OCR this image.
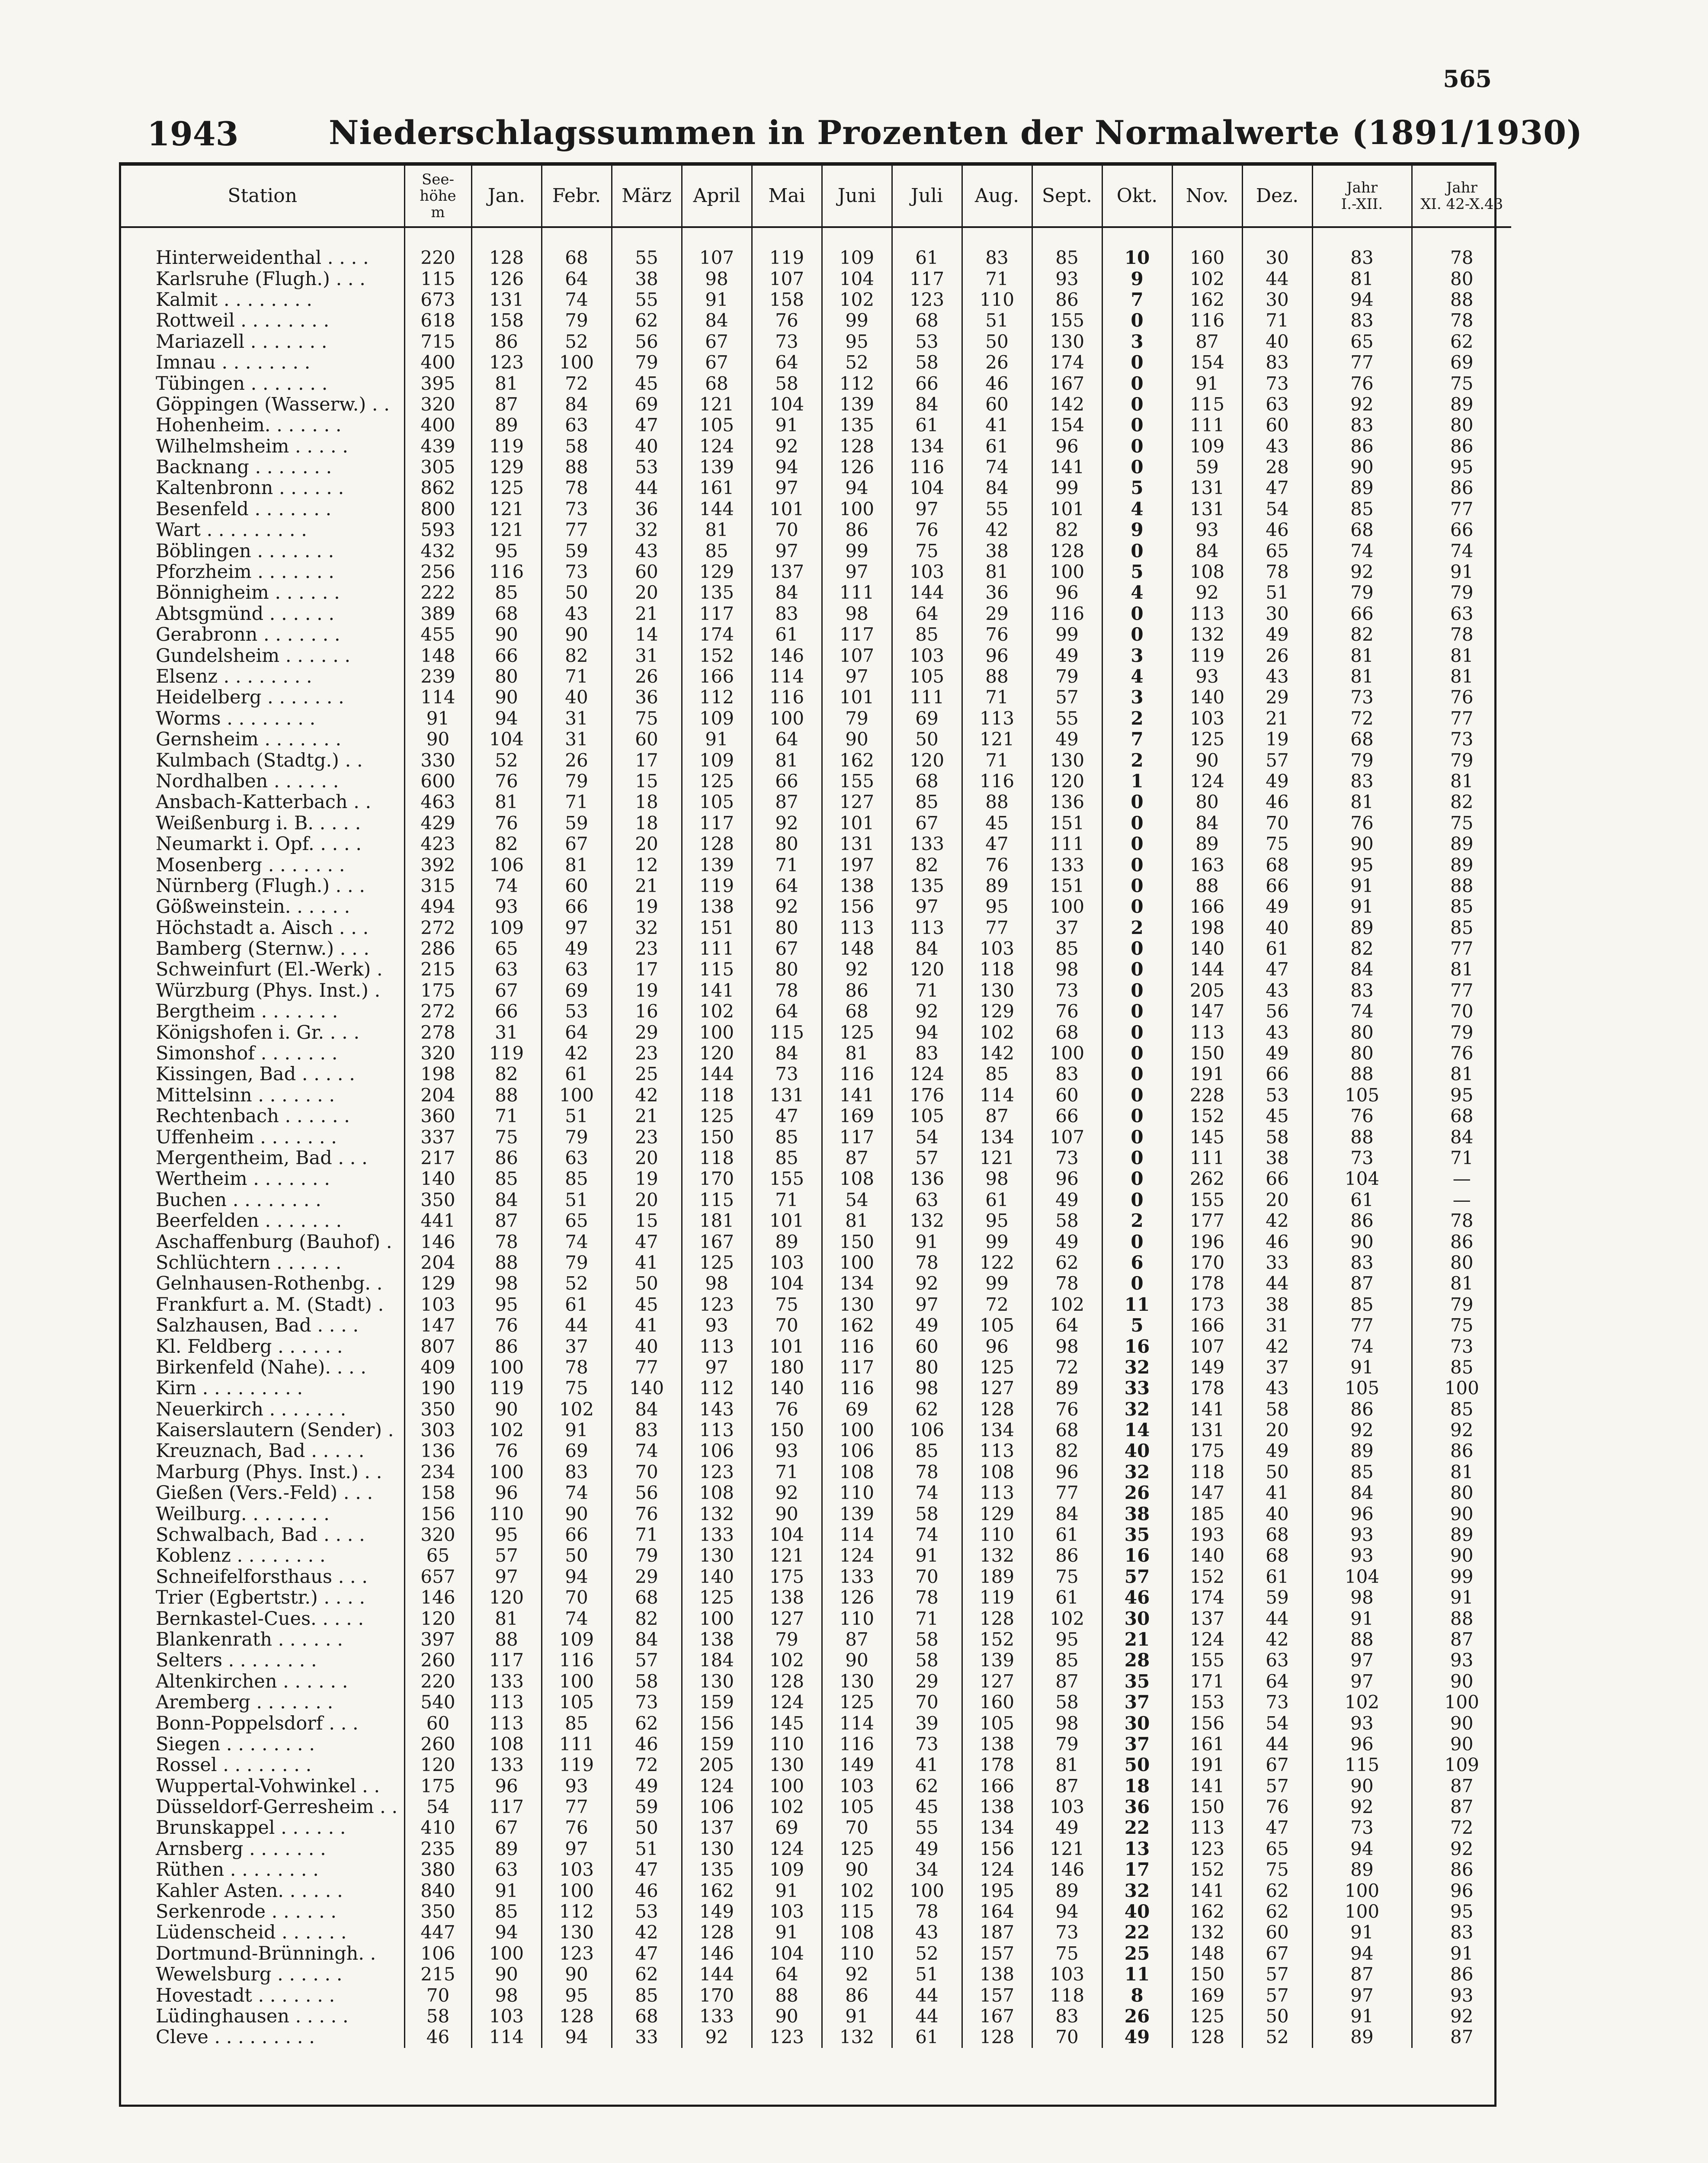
565
1943	Niederschlagssummen in Prozenten der Normalwerte (1891/1930)
Station	See-
höhe
m	Jan.	Febr.	März	April	Mai	Juni	Juli	Aug.	Sept.	Okt.	Nov.	Dez.	Jahr
I.-XII.	Jahr
XI. 42-X.43

Hinterweidenthal . . . .	220	128	68	55	107	119	109	61	83	85	10	160	30	83	78
Karlsruhe (Flugh.) . . .	115	126	64	38	98	107	104	117	71	93	9	102	44	81	80
Kalmit . . . . . . . .	673	131	74	55	91	158	102	123	110	86	7	162	30	94	88
Rottweil . . . . . . . .	618	158	79	62	84	76	99	68	51	155	0	116	71	83	78
Mariazell . . . . . . .	715	86	52	56	67	73	95	53	50	130	3	87	40	65	62
Imnau . . . . . . . .	400	123	100	79	67	64	52	58	26	174	0	154	83	77	69
Tübingen . . . . . . .	395	81	72	45	68	58	112	66	46	167	0	91	73	76	75
Göppingen (Wasserw.) . .	320	87	84	69	121	104	139	84	60	142	0	115	63	92	89
Hohenheim. . . . . . .	400	89	63	47	105	91	135	61	41	154	0	111	60	83	80
Wilhelmsheim . . . . .	439	119	58	40	124	92	128	134	61	96	0	109	43	86	86
Backnang . . . . . . .	305	129	88	53	139	94	126	116	74	141	0	59	28	90	95
Kaltenbronn . . . . . .	862	125	78	44	161	97	94	104	84	99	5	131	47	89	86
Besenfeld . . . . . . .	800	121	73	36	144	101	100	97	55	101	4	131	54	85	77
Wart . . . . . . . . .	593	121	77	32	81	70	86	76	42	82	9	93	46	68	66
Böblingen . . . . . . .	432	95	59	43	85	97	99	75	38	128	0	84	65	74	74
Pforzheim . . . . . . .	256	116	73	60	129	137	97	103	81	100	5	108	78	92	91
Bönnigheim . . . . . .	222	85	50	20	135	84	111	144	36	96	4	92	51	79	79
Abtsgmünd . . . . . .	389	68	43	21	117	83	98	64	29	116	0	113	30	66	63
Gerabronn . . . . . . .	455	90	90	14	174	61	117	85	76	99	0	132	49	82	78
Gundelsheim . . . . . .	148	66	82	31	152	146	107	103	96	49	3	119	26	81	81
Elsenz . . . . . . . .	239	80	71	26	166	114	97	105	88	79	4	93	43	81	81
Heidelberg . . . . . . .	114	90	40	36	112	116	101	111	71	57	3	140	29	73	76
Worms . . . . . . . .	91	94	31	75	109	100	79	69	113	55	2	103	21	72	77
Gernsheim . . . . . . .	90	104	31	60	91	64	90	50	121	49	7	125	19	68	73
Kulmbach (Stadtg.) . .	330	52	26	17	109	81	162	120	71	130	2	90	57	79	79
Nordhalben . . . . . .	600	76	79	15	125	66	155	68	116	120	1	124	49	83	81
Ansbach-Katterbach . .	463	81	71	18	105	87	127	85	88	136	0	80	46	81	82
Weißenburg i. B. . . . .	429	76	59	18	117	92	101	67	45	151	0	84	70	76	75
Neumarkt i. Opf. . . . .	423	82	67	20	128	80	131	133	47	111	0	89	75	90	89
Mosenberg . . . . . . .	392	106	81	12	139	71	197	82	76	133	0	163	68	95	89
Nürnberg (Flugh.) . . .	315	74	60	21	119	64	138	135	89	151	0	88	66	91	88
Gößweinstein. . . . . .	494	93	66	19	138	92	156	97	95	100	0	166	49	91	85
Höchstadt a. Aisch . . .	272	109	97	32	151	80	113	113	77	37	2	198	40	89	85
Bamberg (Sternw.) . . .	286	65	49	23	111	67	148	84	103	85	0	140	61	82	77
Schweinfurt (El.-Werk) .	215	63	63	17	115	80	92	120	118	98	0	144	47	84	81
Würzburg (Phys. Inst.) .	175	67	69	19	141	78	86	71	130	73	0	205	43	83	77
Bergtheim . . . . . . .	272	66	53	16	102	64	68	92	129	76	0	147	56	74	70
Königshofen i. Gr. . . .	278	31	64	29	100	115	125	94	102	68	0	113	43	80	79
Simonshof . . . . . . .	320	119	42	23	120	84	81	83	142	100	0	150	49	80	76
Kissingen, Bad . . . . .	198	82	61	25	144	73	116	124	85	83	0	191	66	88	81
Mittelsinn . . . . . . .	204	88	100	42	118	131	141	176	114	60	0	228	53	105	95
Rechtenbach . . . . . .	360	71	51	21	125	47	169	105	87	66	0	152	45	76	68
Uffenheim . . . . . . .	337	75	79	23	150	85	117	54	134	107	0	145	58	88	84
Mergentheim, Bad . . .	217	86	63	20	118	85	87	57	121	73	0	111	38	73	71
Wertheim . . . . . . .	140	85	85	19	170	155	108	136	98	96	0	262	66	104	—
Buchen . . . . . . . .	350	84	51	20	115	71	54	63	61	49	0	155	20	61	—
Beerfelden . . . . . . .	441	87	65	15	181	101	81	132	95	58	2	177	42	86	78
Aschaffenburg (Bauhof) .	146	78	74	47	167	89	150	91	99	49	0	196	46	90	86
Schlüchtern . . . . . .	204	88	79	41	125	103	100	78	122	62	6	170	33	83	80
Gelnhausen-Rothenbg. .	129	98	52	50	98	104	134	92	99	78	0	178	44	87	81
Frankfurt a. M. (Stadt) .	103	95	61	45	123	75	130	97	72	102	11	173	38	85	79
Salzhausen, Bad . . . .	147	76	44	41	93	70	162	49	105	64	5	166	31	77	75
Kl. Feldberg . . . . . .	807	86	37	40	113	101	116	60	96	98	16	107	42	74	73
Birkenfeld (Nahe). . . .	409	100	78	77	97	180	117	80	125	72	32	149	37	91	85
Kirn . . . . . . . . .	190	119	75	140	112	140	116	98	127	89	33	178	43	105	100
Neuerkirch . . . . . . .	350	90	102	84	143	76	69	62	128	76	32	141	58	86	85
Kaiserslautern (Sender) .	303	102	91	83	113	150	100	106	134	68	14	131	20	92	92
Kreuznach, Bad . . . . .	136	76	69	74	106	93	106	85	113	82	40	175	49	89	86
Marburg (Phys. Inst.) . .	234	100	83	70	123	71	108	78	108	96	32	118	50	85	81
Gießen (Vers.-Feld) . . .	158	96	74	56	108	92	110	74	113	77	26	147	41	84	80
Weilburg. . . . . . . .	156	110	90	76	132	90	139	58	129	84	38	185	40	96	90
Schwalbach, Bad . . . .	320	95	66	71	133	104	114	74	110	61	35	193	68	93	89
Koblenz . . . . . . . .	65	57	50	79	130	121	124	91	132	86	16	140	68	93	90
Schneifelforsthaus . . .	657	97	94	29	140	175	133	70	189	75	57	152	61	104	99
Trier (Egbertstr.) . . . .	146	120	70	68	125	138	126	78	119	61	46	174	59	98	91
Bernkastel-Cues. . . . .	120	81	74	82	100	127	110	71	128	102	30	137	44	91	88
Blankenrath . . . . . .	397	88	109	84	138	79	87	58	152	95	21	124	42	88	87
Selters . . . . . . . .	260	117	116	57	184	102	90	58	139	85	28	155	63	97	93
Altenkirchen . . . . . .	220	133	100	58	130	128	130	29	127	87	35	171	64	97	90
Aremberg . . . . . . .	540	113	105	73	159	124	125	70	160	58	37	153	73	102	100
Bonn-Poppelsdorf . . .	60	113	85	62	156	145	114	39	105	98	30	156	54	93	90
Siegen . . . . . . . .	260	108	111	46	159	110	116	73	138	79	37	161	44	96	90
Rossel . . . . . . . .	120	133	119	72	205	130	149	41	178	81	50	191	67	115	109
Wuppertal-Vohwinkel . .	175	96	93	49	124	100	103	62	166	87	18	141	57	90	87
Düsseldorf-Gerresheim . .	54	117	77	59	106	102	105	45	138	103	36	150	76	92	87
Brunskappel . . . . . .	410	67	76	50	137	69	70	55	134	49	22	113	47	73	72
Arnsberg . . . . . . .	235	89	97	51	130	124	125	49	156	121	13	123	65	94	92
Rüthen . . . . . . . .	380	63	103	47	135	109	90	34	124	146	17	152	75	89	86
Kahler Asten. . . . . .	840	91	100	46	162	91	102	100	195	89	32	141	62	100	96
Serkenrode . . . . . .	350	85	112	53	149	103	115	78	164	94	40	162	62	100	95
Lüdenscheid . . . . . .	447	94	130	42	128	91	108	43	187	73	22	132	60	91	83
Dortmund-Brünningh. .	106	100	123	47	146	104	110	52	157	75	25	148	67	94	91
Wewelsburg . . . . . .	215	90	90	62	144	64	92	51	138	103	11	150	57	87	86
Hovestadt . . . . . . .	70	98	95	85	170	88	86	44	157	118	8	169	57	97	93
Lüdinghausen . . . . .	58	103	128	68	133	90	91	44	167	83	26	125	50	91	92
Cleve . . . . . . . . .	46	114	94	33	92	123	132	61	128	70	49	128	52	89	87
